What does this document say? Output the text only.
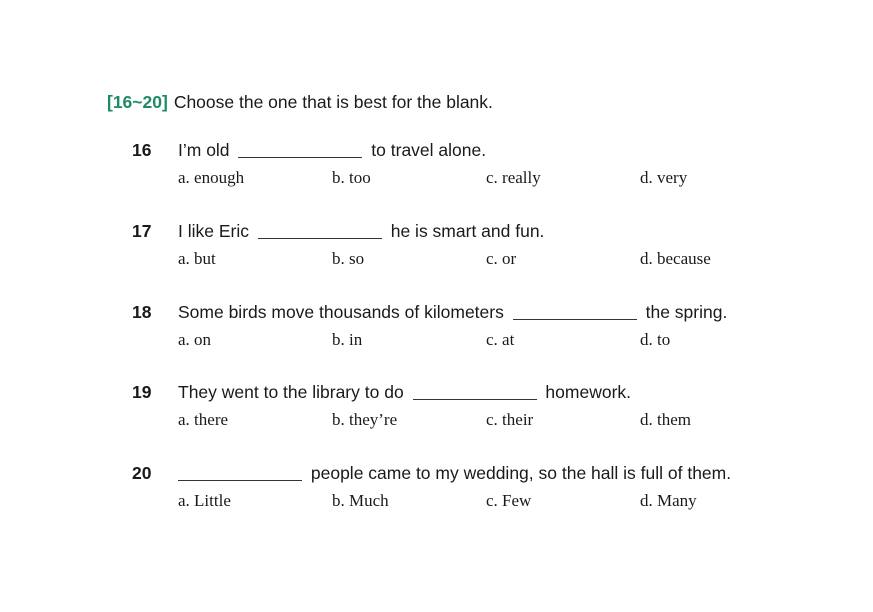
[16~20] Choose the one that is best for the blank.
16 I’m old	to travel alone.
a. enough	b. too	c. really	d. very
17 I like Eric	he is smart and fun.
a. but	b. so	c. or	d. because
18 Some birds move thousands of kilometers	the spring.
a. on	b. in	c. at	d. to
19 They went to the library to do	homework.
a. there	b. they’re	c. their	d. them
20	people came to my wedding, so the hall is full of them.
a. Little	b. Much	c. Few	d. Many
